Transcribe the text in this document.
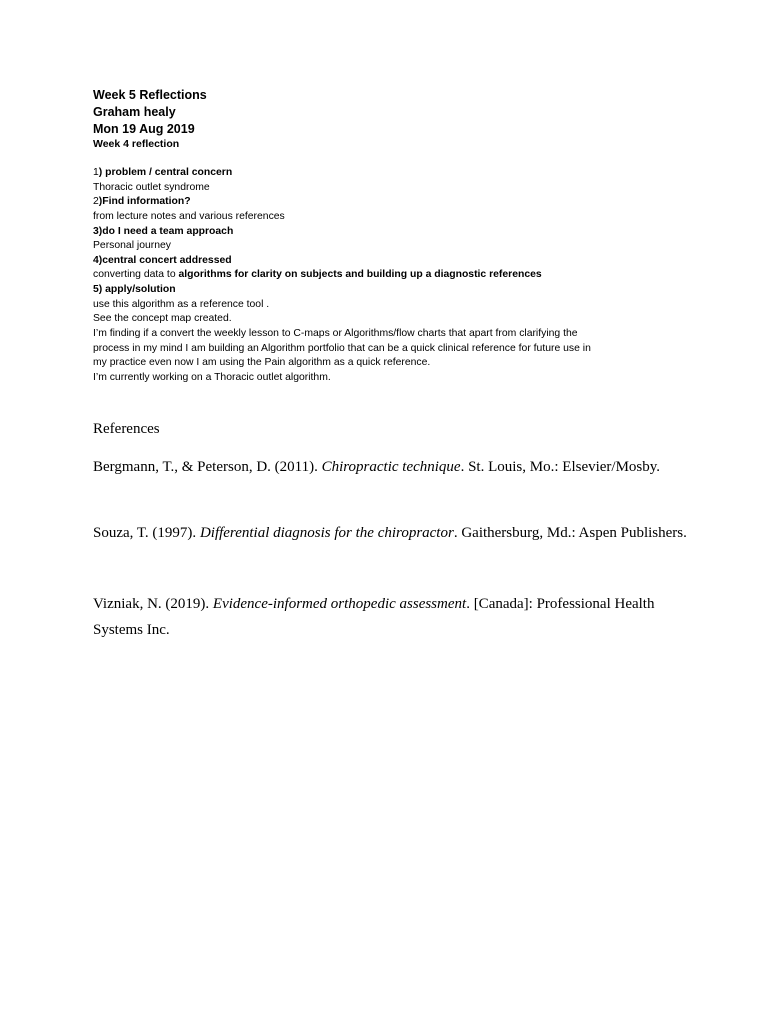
Week 5 Reflections
Graham healy
Mon 19 Aug 2019
Week 4 reflection
1) problem / central concern
Thoracic outlet syndrome
2)Find information?
from lecture notes and various references
3)do I need a team approach
Personal journey
4)central concert addressed
converting data to algorithms for clarity on subjects and building up a diagnostic references
5) apply/solution
use this algorithm as a reference tool .
See the concept map created.
I’m finding if a convert the weekly lesson to C-maps or Algorithms/flow charts that apart from clarifying the
process in my mind I am building an Algorithm portfolio that can be a quick clinical reference for future use in
my practice even now I am using the Pain algorithm as a quick reference.
I’m currently working on a Thoracic outlet algorithm.
References
Bergmann, T., & Peterson, D. (2011). Chiropractic technique. St. Louis, Mo.: Elsevier/Mosby.
Souza, T. (1997). Differential diagnosis for the chiropractor. Gaithersburg, Md.: Aspen Publishers.
Vizniak, N. (2019). Evidence-informed orthopedic assessment. [Canada]: Professional Health Systems Inc.
